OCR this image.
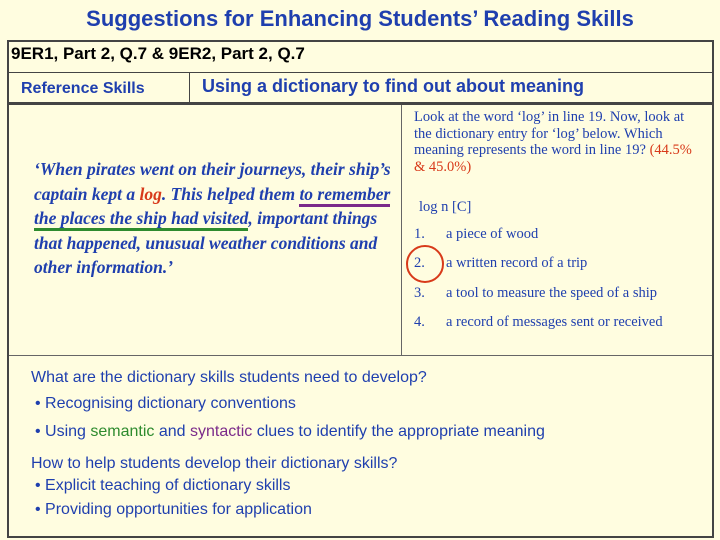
Suggestions for Enhancing Students’ Reading Skills
9ER1, Part 2, Q.7 & 9ER2, Part 2, Q.7
Reference Skills	Using a dictionary to find out about meaning
‘When pirates went on their journeys, their ship’s captain kept a log. This helped them to remember the places the ship had visited, important things that happened, unusual weather conditions and other information.’
Look at the word ‘log’ in line 19. Now, look at the dictionary entry for ‘log’ below. Which meaning represents the word in line 19? (44.5% & 45.0%)
log n [C]
1. a piece of wood
2. a written record of a trip
3. a tool to measure the speed of a ship
4. a record of messages sent or received
What are the dictionary skills students need to develop?
• Recognising dictionary conventions
• Using semantic and syntactic clues to identify the appropriate meaning
How to help students develop their dictionary skills?
• Explicit teaching of dictionary skills
• Providing opportunities for application
